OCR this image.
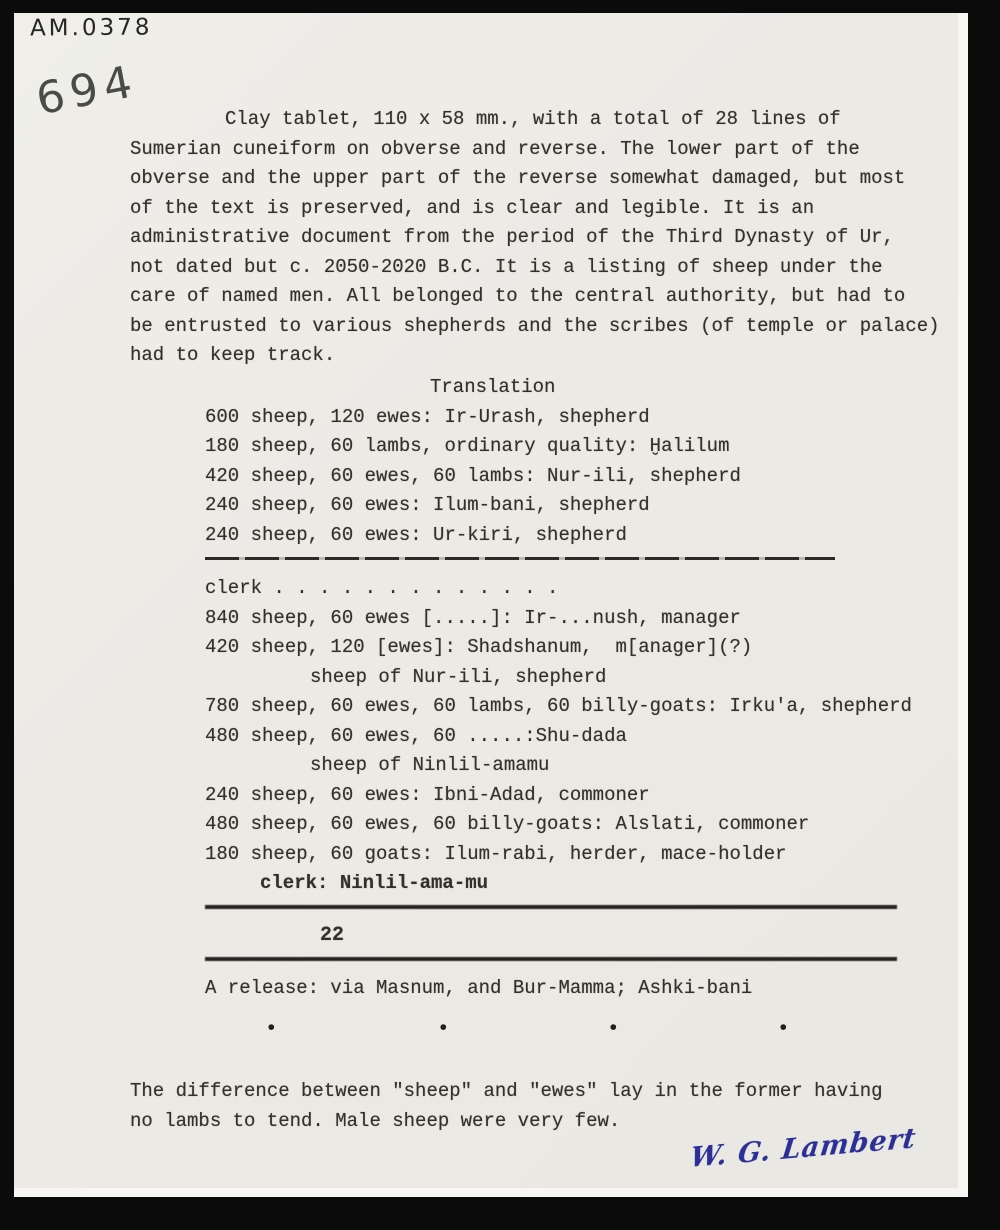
AM.0378
694	Clay tablet, 110 x 58 mm., with a total of 28 lines of
Sumerian cuneiform on obverse and reverse. The lower part of the
obverse and the upper part of the reverse somewhat damaged, but most
of the text is preserved, and is clear and legible. It is an
administrative document from the period of the Third Dynasty of Ur,
not dated but c. 2050-2020 B.C. It is a listing of sheep under the
care of named men. All belonged to the central authority, but had to
be entrusted to various shepherds and the scribes (of temple or palace)
had to keep track.
Translation
600 sheep, 120 ewes: Ir-Urash, shepherd
180 sheep, 60 lambs, ordinary quality: Ḫalilum
420 sheep, 60 ewes, 60 lambs: Nur-ili, shepherd
240 sheep, 60 ewes: Ilum-bani, shepherd
240 sheep, 60 ewes: Ur-kiri, shepherd
clerk . . . . . . . . . . . . .
840 sheep, 60 ewes [.....]: Ir-...nush, manager
420 sheep, 120 [ewes]: Shadshanum,  m[anager](?)
sheep of Nur-ili, shepherd
780 sheep, 60 ewes, 60 lambs, 60 billy-goats: Irku'a, shepherd
480 sheep, 60 ewes, 60 .....:Shu-dada
sheep of Ninlil-amamu
240 sheep, 60 ewes: Ibni-Adad, commoner
480 sheep, 60 ewes, 60 billy-goats: Alslati, commoner
180 sheep, 60 goats: Ilum-rabi, herder, mace-holder
clerk: Ninlil-ama-mu
22
A release: via Masnum, and Bur-Mamma; Ashki-bani
•	•	•	•
The difference between "sheep" and "ewes" lay in the former having
no lambs to tend. Male sheep were very few.
W. G. Lambert
